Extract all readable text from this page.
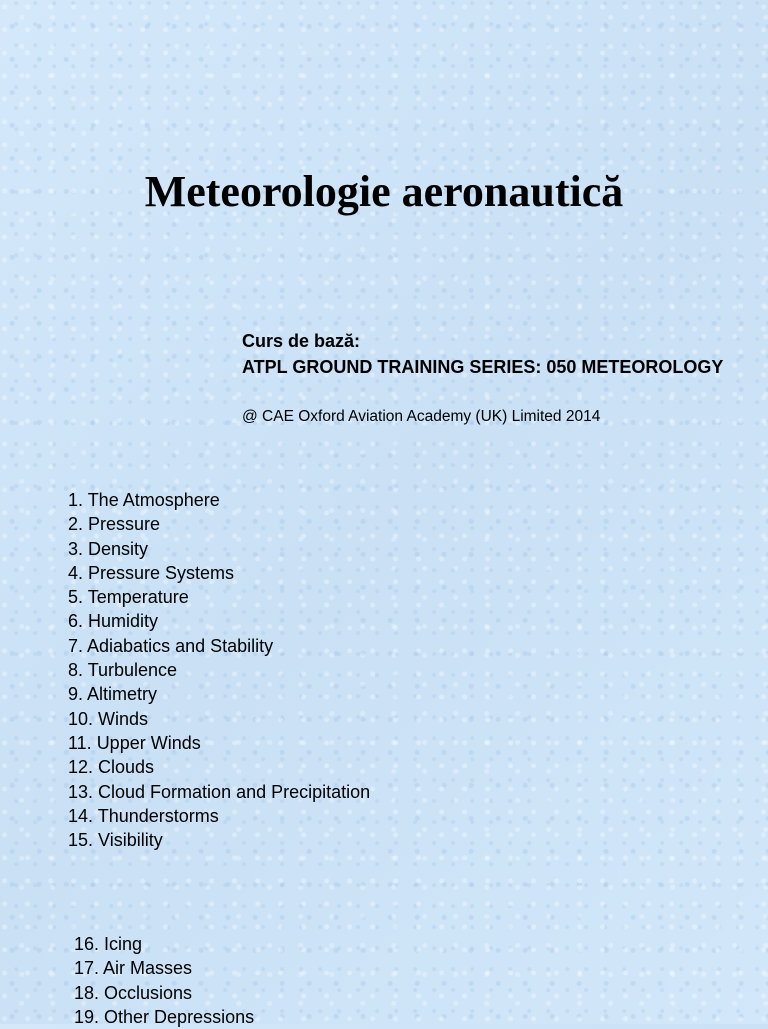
Meteorologie aeronautică
Curs de bază:
ATPL GROUND TRAINING SERIES: 050 METEOROLOGY
@ CAE Oxford Aviation Academy (UK) Limited 2014
1. The Atmosphere
2. Pressure
3. Density
4. Pressure Systems
5. Temperature
6. Humidity
7. Adiabatics and Stability
8. Turbulence
9. Altimetry
10. Winds
11. Upper Winds
12. Clouds
13. Cloud Formation and Precipitation
14. Thunderstorms
15. Visibility
16. Icing
17. Air Masses
18. Occlusions
19. Other Depressions
